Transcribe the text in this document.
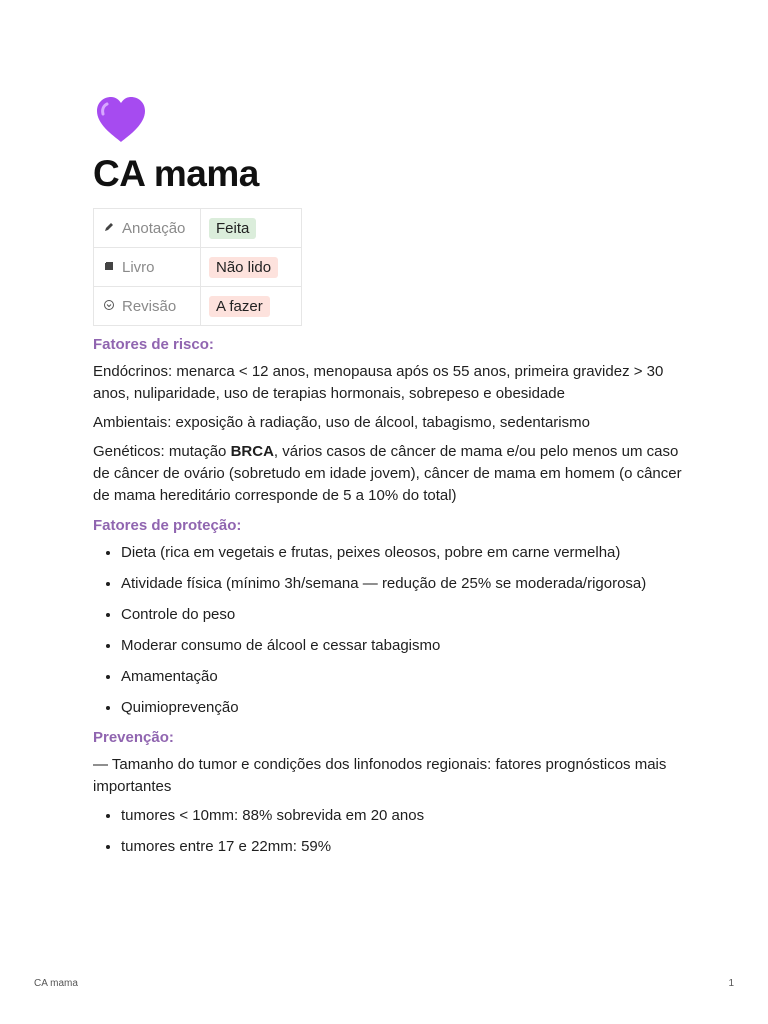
CA mama
Anotação	Feita
Livro	Não lido
Revisão	A fazer
Fatores de risco:

Endócrinos: menarca < 12 anos, menopausa após os 55 anos, primeira gravidez > 30 anos, nuliparidade, uso de terapias hormonais, sobrepeso e obesidade

Ambientais: exposição à radiação, uso de álcool, tabagismo, sedentarismo

Genéticos: mutação BRCA, vários casos de câncer de mama e/ou pelo menos um caso de câncer de ovário (sobretudo em idade jovem), câncer de mama em homem (o câncer de mama hereditário corresponde de 5 a 10% do total)

Fatores de proteção:
• Dieta (rica em vegetais e frutas, peixes oleosos, pobre em carne vermelha)
• Atividade física (mínimo 3h/semana — redução de 25% se moderada/rigorosa)
• Controle do peso
• Moderar consumo de álcool e cessar tabagismo
• Amamentação
• Quimioprevenção
Prevenção:

— Tamanho do tumor e condições dos linfonodos regionais: fatores prognósticos mais importantes

• tumores < 10mm: 88% sobrevida em 20 anos
• tumores entre 17 e 22mm: 59%
CA mama	1
